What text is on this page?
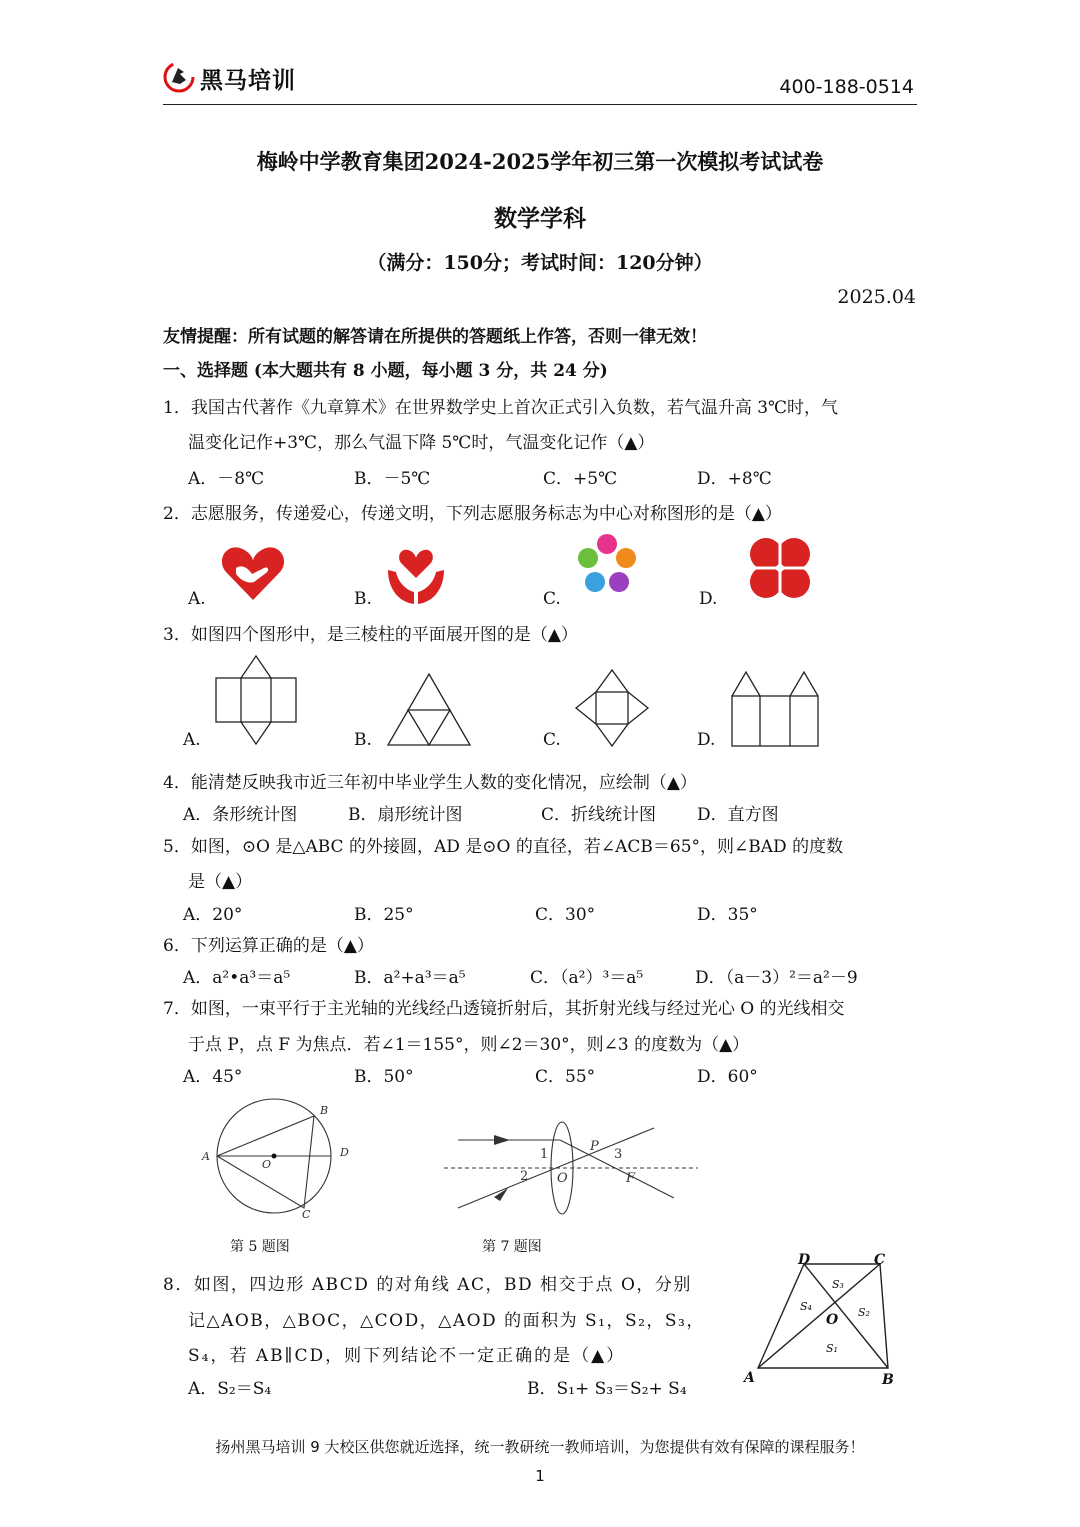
黑马培训	400-188-0514
梅岭中学教育集团2024-2025学年初三第一次模拟考试试卷
数学学科
（满分：150分；考试时间：120分钟）
2025.04
友情提醒：所有试题的解答请在所提供的答题纸上作答，否则一律无效！
一、选择题 (本大题共有 8 小题，每小题 3 分，共 24 分)
1．我国古代著作《九章算术》在世界数学史上首次正式引入负数，若气温升高 3℃时，气
温变化记作+3℃，那么气温下降 5℃时，气温变化记作（▲）
A．－8℃	B．－5℃	C．+5℃	D．+8℃
2．志愿服务，传递爱心，传递文明，下列志愿服务标志为中心对称图形的是（▲）
A.	B.	C.	D.
3．如图四个图形中，是三棱柱的平面展开图的是（▲）
A.	B.	C.	D.
4．能清楚反映我市近三年初中毕业学生人数的变化情况，应绘制（▲）
A．条形统计图	B．扇形统计图	C．折线统计图 D．直方图
5．如图，⊙O 是△ABC 的外接圆，AD 是⊙O 的直径，若∠ACB＝65°，则∠BAD 的度数
是（▲）
A．20°	B．25°	C．30°	D．35°
6．下列运算正确的是（▲）
A．a²•a³＝a⁵	B．a²+a³＝a⁵	C．（a²）³＝a⁵	D．（a－3）²＝a²－9
7．如图，一束平行于主光轴的光线经凸透镜折射后，其折射光线与经过光心 O 的光线相交
于点 P，点 F 为焦点．若∠1＝155°，则∠2＝30°，则∠3 的度数为（▲）
A．45°	B．50°	C．55°	D．60°
A
B
C
D
O
第 5 题图
1
2
3
P
O	F
第 7 题图
8．如图，四边形 ABCD 的对角线 AC，BD 相交于点 O，分别
记△AOB，△BOC，△COD，△AOD 的面积为 S₁，S₂，S₃，
S₄，若 AB∥CD，则下列结论不一定正确的是（▲）
A．S₂＝S₄	B．S₁+ S₃＝S₂+ S₄
A	B
C
D
O
S₁
S₂
S₃
S₄
扬州黑马培训 9 大校区供您就近选择，统一教研统一教师培训，为您提供有效有保障的课程服务！
1
